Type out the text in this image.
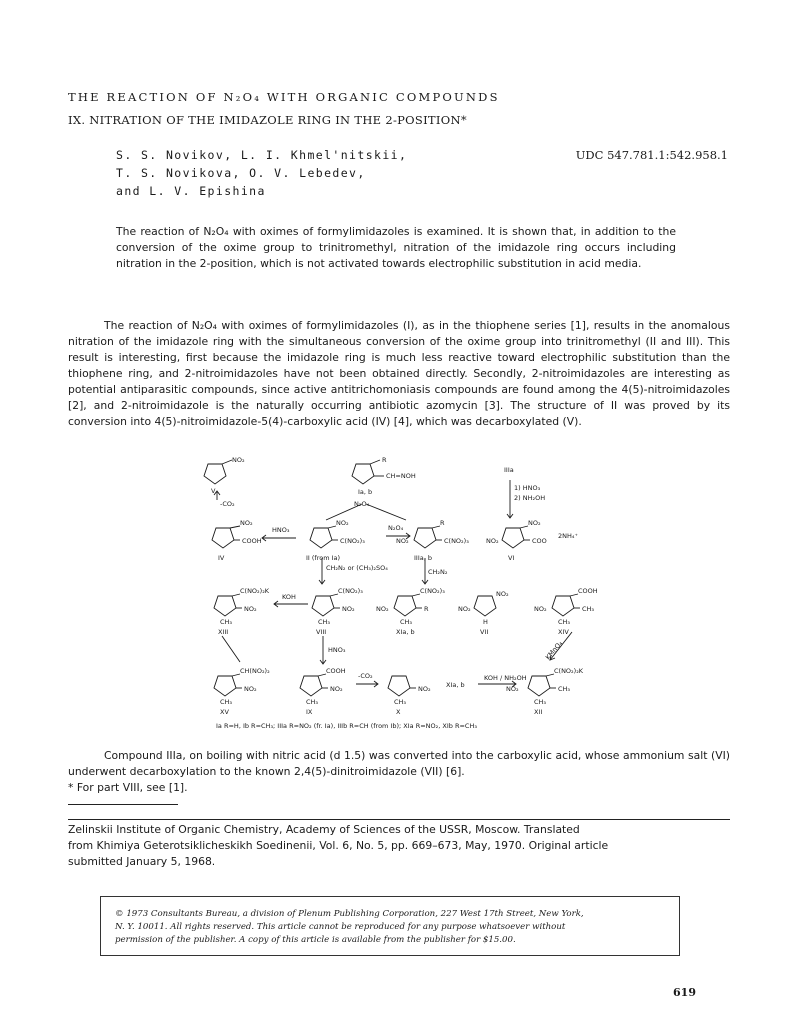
THE REACTION OF N₂O₄ WITH ORGANIC COMPOUNDS
IX. NITRATION OF THE IMIDAZOLE RING IN THE 2-POSITION*
S. S. Novikov, L. I. Khmel'nitskii,
T. S. Novikova, O. V. Lebedev,
and L. V. Epishina
UDC 547.781.1:542.958.1
The reaction of N₂O₄ with oximes of formylimidazoles is examined. It is shown that, in addition to the conversion of the oxime group to trinitromethyl, nitration of the imidazole ring occurs including nitration in the 2-position, which is not activated towards electrophilic substitution in acid media.
The reaction of N₂O₄ with oximes of formylimidazoles (I), as in the thiophene series [1], results in the anomalous nitration of the imidazole ring with the simultaneous conversion of the oxime group into trinitromethyl (II and III). This result is interesting, first because the imidazole ring is much less reactive toward electrophilic substitution than the thiophene ring, and 2-nitroimidazoles have not been obtained directly. Secondly, 2-nitroimidazoles are interesting as potential antiparasitic compounds, since active antitrichomoniasis compounds are found among the 4(5)-nitroimidazoles [2], and 2-nitroimidazole is the naturally occurring antibiotic azomycin [3]. The structure of II was proved by its conversion into 4(5)-nitroimidazole-5(4)-carboxylic acid (IV) [4], which was decarboxylated (V).
NO₂
V
R
CH=NOH
Ia, b
N₂O₄
IIIa
1) HNO₃
2) NH₂OH
-CO₂
NO₂
COOH
IV
HNO₃
NO₂
C(NO₂)₃
II (from Ia)
N₂O₄
R
C(NO₂)₃
NO₂
IIIa, b
NO₂
COO
NO₂
2NH₄⁺
VI
CH₂N₂ or (CH₃)₂SO₄	CH₂N₂
C(NO₂)₂K
NO₂
CH₃
XIII
KOH
C(NO₂)₃
NO₂
CH₃
VIII
C(NO₂)₃
R
NO₂
CH₃
XIa, b
NO₂
NO₂
H
VII
COOH
CH₃
NO₂
CH₃
XIV
HNO₃	KMnO₄
CH(NO₂)₂
NO₂
CH₃
XV
COOH
NO₂
CH₃
IX
-CO₂
NO₂
CH₃
X
XIa, b
KOH / NH₂OH
C(NO₂)₂K
CH₃
NO₂
CH₃
XII
Ia R=H, Ib R=CH₃; IIIa R=NO₂ (fr. Ia), IIIb R=CH (from Ib); XIa R=NO₂, XIb R=CH₃
Compound IIIa, on boiling with nitric acid (d 1.5) was converted into the carboxylic acid, whose ammonium salt (VI) underwent decarboxylation to the known 2,4(5)-dinitroimidazole (VII) [6].
* For part VIII, see [1].
Zelinskii Institute of Organic Chemistry, Academy of Sciences of the USSR, Moscow. Translated
from Khimiya Geterotsiklicheskikh Soedinenii, Vol. 6, No. 5, pp. 669–673, May, 1970. Original article
submitted January 5, 1968.
© 1973 Consultants Bureau, a division of Plenum Publishing Corporation, 227 West 17th Street, New York,
N. Y. 10011. All rights reserved. This article cannot be reproduced for any purpose whatsoever without
permission of the publisher. A copy of this article is available from the publisher for $15.00.
619
